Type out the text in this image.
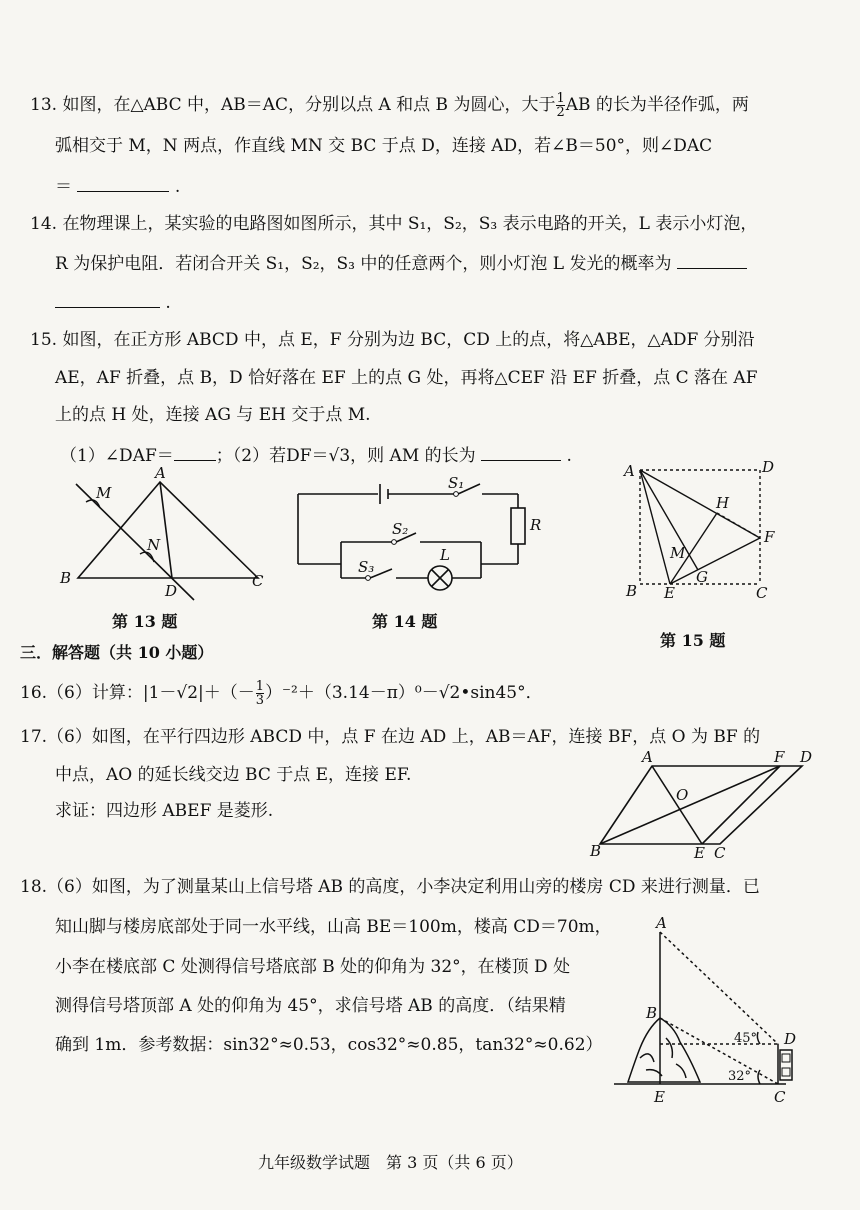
13. 如图，在△ABC 中，AB＝AC，分别以点 A 和点 B 为圆心，大于 $\frac{1}{2}$ AB 的长为半径作弧，两
弧相交于 M，N 两点，作直线 MN 交 BC 于点 D，连接 AD，若∠B＝50°，则∠DAC
＝	.
14. 在物理课上，某实验的电路图如图所示，其中 S₁，S₂，S₃ 表示电路的开关，L 表示小灯泡，
R 为保护电阻．若闭合开关 S₁，S₂，S₃ 中的任意两个，则小灯泡 L 发光的概率为
.
15. 如图，在正方形 ABCD 中，点 E，F 分别为边 BC，CD 上的点，将△ABE，△ADF 分别沿
AE，AF 折叠，点 B，D 恰好落在 EF 上的点 G 处，再将△CEF 沿 EF 折叠，点 C 落在 AF
上的点 H 处，连接 AG 与 EH 交于点 M.
（1）∠DAF＝ ；（2）若DF＝√3，则 AM 的长为	.
A
B	C
D
M
N
第 13 题
S₁
S₂
S₃
R
L
第 14 题
A	D
B	C
E
F
G
H
M
第 15 题
三．解答题（共 10 小题）
16.（6）计算：$|1-√2|+(- \frac{1}{3}$ ）⁻²＋（3.14－π）⁰－√2•sin45°．
17.（6）如图，在平行四边形 ABCD 中，点 F 在边 AD 上，AB＝AF，连接 BF，点 O 为 BF 的
中点，AO 的延长线交边 BC 于点 E，连接 EF.
求证：四边形 ABEF 是菱形.
A	F D
B	E C
O
18.（6）如图，为了测量某山上信号塔 AB 的高度，小李决定利用山旁的楼房 CD 来进行测量．已
知山脚与楼房底部处于同一水平线，山高 BE＝100m，楼高 CD＝70m，
小李在楼底部 C 处测得信号塔底部 B 处的仰角为 32°，在楼顶 D 处
测得信号塔顶部 A 处的仰角为 45°，求信号塔 AB 的高度．（结果精
确到 1m．参考数据：sin32°≈0.53，cos32°≈0.85，tan32°≈0.62）
A
B
E	C
D
45°
32°
九年级数学试题　第 3 页（共 6 页）
